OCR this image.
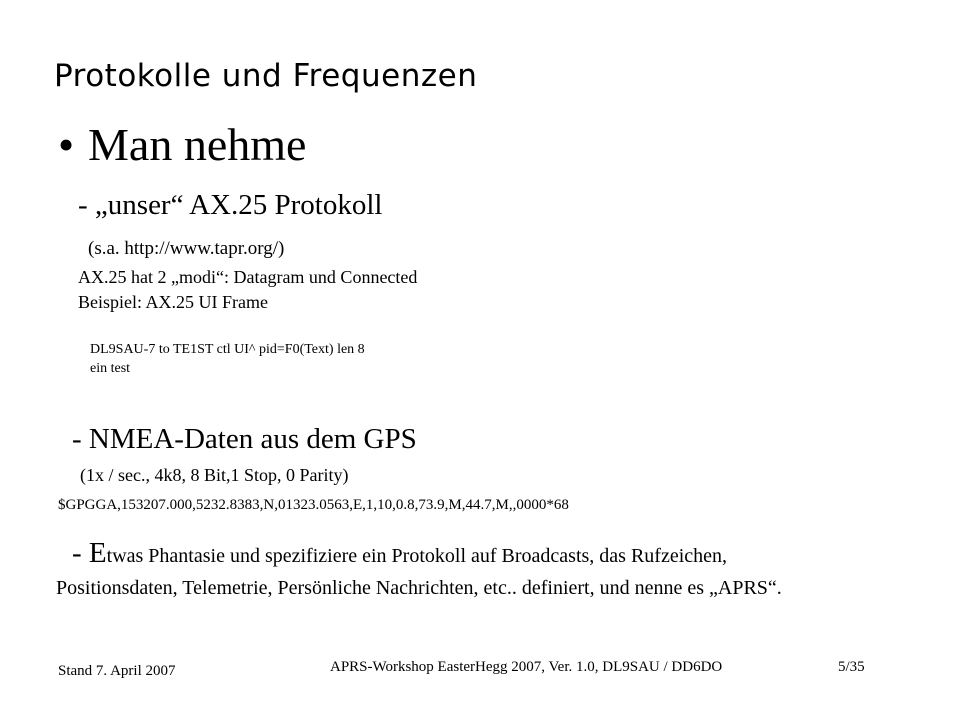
Protokolle und Frequenzen
• Man nehme
- „unser“ AX.25 Protokoll
(s.a. http://www.tapr.org/)
AX.25 hat 2 „modi“: Datagram und Connected
Beispiel: AX.25 UI Frame
DL9SAU-7 to TE1ST ctl UI^ pid=F0(Text) len 8
ein test
- NMEA-Daten aus dem GPS
(1x / sec., 4k8, 8 Bit,1 Stop, 0 Parity)
$GPGGA,153207.000,5232.8383,N,01323.0563,E,1,10,0.8,73.9,M,44.7,M,,0000*68
- Etwas Phantasie und spezifiziere ein Protokoll auf Broadcasts, das Rufzeichen,
Positionsdaten, Telemetrie, Persönliche Nachrichten, etc.. definiert, und nenne es „APRS“.
Stand 7. April 2007	APRS-Workshop EasterHegg 2007, Ver. 1.0, DL9SAU / DD6DO	5/35
